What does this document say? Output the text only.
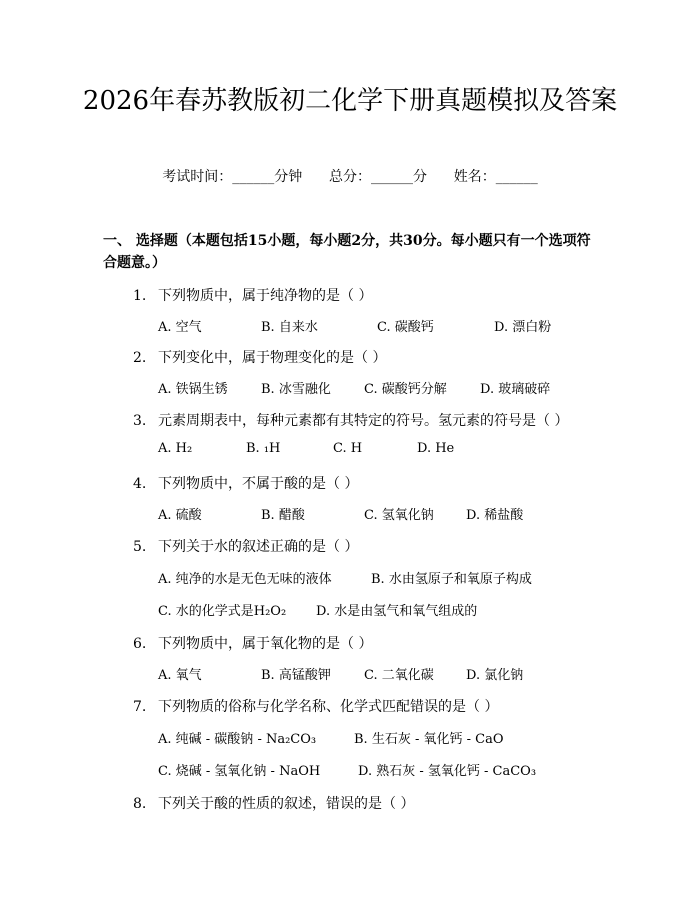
2026年春苏教版初二化学下册真题模拟及答案
考试时间：______分钟      总分：______分      姓名：______
一、 选择题（本题包括15小题，每小题2分，共30分。每小题只有一个选项符合题意。）
1. 下列物质中，属于纯净物的是（ ）
A. 空气	B. 自来水	C. 碳酸钙	D. 漂白粉
2. 下列变化中，属于物理变化的是（ ）
A. 铁锅生锈	B. 冰雪融化	C. 碳酸钙分解	D. 玻璃破碎
3. 元素周期表中，每种元素都有其特定的符号。氢元素的符号是（ ）
A. H₂	B. ₁H	C. H	D. He
4. 下列物质中，不属于酸的是（ ）
A. 硫酸	B. 醋酸	C. 氢氧化钠 D. 稀盐酸
5. 下列关于水的叙述正确的是（ ）
A. 纯净的水是无色无味的液体	B. 水由氢原子和氧原子构成
C. 水的化学式是H₂O₂ D. 水是由氢气和氧气组成的
6. 下列物质中，属于氧化物的是（ ）
A. 氧气	B. 高锰酸钾	C. 二氧化碳 D. 氯化钠
7. 下列物质的俗称与化学名称、化学式匹配错误的是（ ）
A. 纯碱 - 碳酸钠 - Na₂CO₃	B. 生石灰 - 氧化钙 - CaO
C. 烧碱 - 氢氧化钠 - NaOH	D. 熟石灰 - 氢氧化钙 - CaCO₃
8. 下列关于酸的性质的叙述，错误的是（ ）
